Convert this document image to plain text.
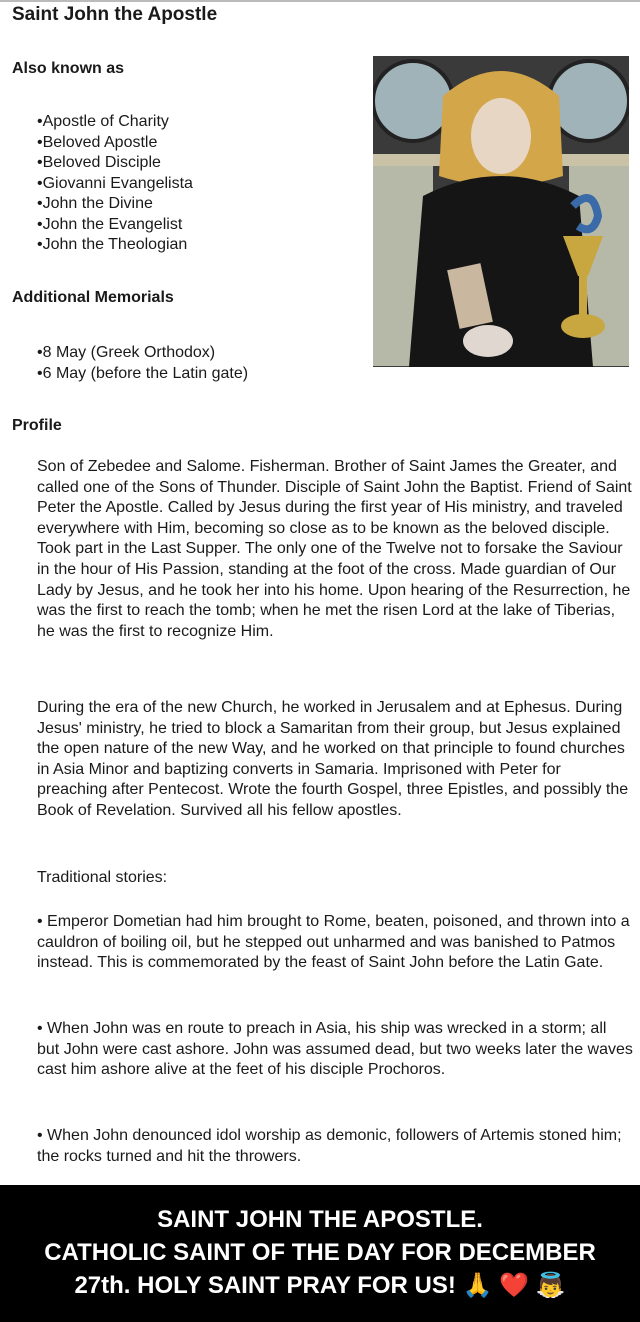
Saint John the Apostle
Also known as
• Apostle of Charity
• Beloved Apostle
• Beloved Disciple
• Giovanni Evangelista
• John the Divine
• John the Evangelist
• John the Theologian
Additional Memorials
• 8 May (Greek Orthodox)
• 6 May (before the Latin gate)
Profile

Son of Zebedee and Salome. Fisherman. Brother of Saint James the Greater, and called one of the Sons of Thunder. Disciple of Saint John the Baptist. Friend of Saint Peter the Apostle. Called by Jesus during the first year of His ministry, and traveled everywhere with Him, becoming so close as to be known as the beloved disciple. Took part in the Last Supper. The only one of the Twelve not to forsake the Saviour in the hour of His Passion, standing at the foot of the cross. Made guardian of Our Lady by Jesus, and he took her into his home. Upon hearing of the Resurrection, he was the first to reach the tomb; when he met the risen Lord at the lake of Tiberias, he was the first to recognize Him.

During the era of the new Church, he worked in Jerusalem and at Ephesus. During Jesus' ministry, he tried to block a Samaritan from their group, but Jesus explained the open nature of the new Way, and he worked on that principle to found churches in Asia Minor and baptizing converts in Samaria. Imprisoned with Peter for preaching after Pentecost. Wrote the fourth Gospel, three Epistles, and possibly the Book of Revelation. Survived all his fellow apostles.

Traditional stories:

• Emperor Dometian had him brought to Rome, beaten, poisoned, and thrown into a cauldron of boiling oil, but he stepped out unharmed and was banished to Patmos instead. This is commemorated by the feast of Saint John before the Latin Gate.

• When John was en route to preach in Asia, his ship was wrecked in a storm; all but John were cast ashore. John was assumed dead, but two weeks later the waves cast him ashore alive at the feet of his disciple Prochoros.

• When John denounced idol worship as demonic, followers of Artemis stoned him; the rocks turned and hit the throwers.

SAINT JOHN THE APOSTLE.
CATHOLIC SAINT OF THE DAY FOR DECEMBER
27th. HOLY SAINT PRAY FOR US! 🙏 ❤️ 👼
